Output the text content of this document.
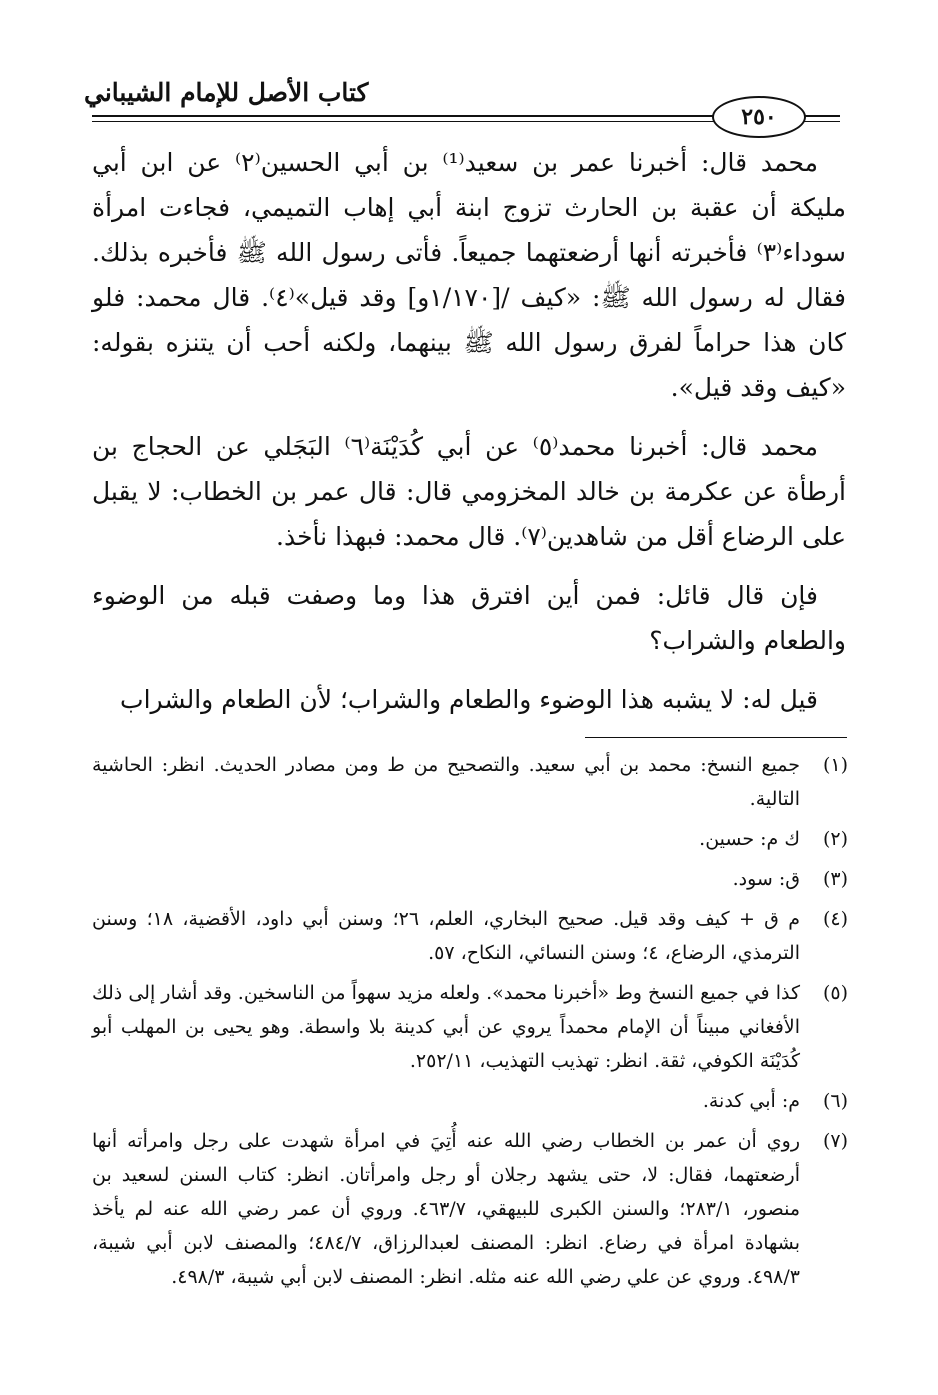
كتاب الأصل للإمام الشيباني
٢٥٠

محمد قال: أخبرنا عمر بن سعيد⁽¹⁾ بن أبي الحسين⁽٢⁾ عن ابن أبي مليكة أن عقبة بن الحارث تزوج ابنة أبي إهاب التميمي، فجاءت امرأة سوداء⁽٣⁾ فأخبرته أنها أرضعتهما جميعاً. فأتى رسول الله ﷺ فأخبره بذلك. فقال له رسول الله ﷺ: «كيف /[١/١٧٠و] وقد قيل»⁽٤⁾. قال محمد: فلو كان هذا حراماً لفرق رسول الله ﷺ بينهما، ولكنه أحب أن يتنزه بقوله: «كيف وقد قيل».

محمد قال: أخبرنا محمد⁽٥⁾ عن أبي كُدَيْنَة⁽٦⁾ البَجَلي عن الحجاج بن أرطأة عن عكرمة بن خالد المخزومي قال: قال عمر بن الخطاب: لا يقبل على الرضاع أقل من شاهدين⁽٧⁾. قال محمد: فبهذا نأخذ.

فإن قال قائل: فمن أين افترق هذا وما وصفت قبله من الوضوء والطعام والشراب؟

قيل له: لا يشبه هذا الوضوء والطعام والشراب؛ لأن الطعام والشراب

(١)
جميع النسخ: محمد بن أبي سعيد. والتصحيح من ط ومن مصادر الحديث. انظر: الحاشية التالية.
(٢)
ك م: حسين.
(٣)
ق: سود.
(٤)
م ق + كيف وقد قيل. صحيح البخاري، العلم، ٢٦؛ وسنن أبي داود، الأقضية، ١٨؛ وسنن الترمذي، الرضاع، ٤؛ وسنن النسائي، النكاح، ٥٧.
(٥)
كذا في جميع النسخ وط «أخبرنا محمد». ولعله مزيد سهواً من الناسخين. وقد أشار إلى ذلك الأفغاني مبيناً أن الإمام محمداً يروي عن أبي كدينة بلا واسطة. وهو يحيى بن المهلب أبو كُدَيْنَة الكوفي، ثقة. انظر: تهذيب التهذيب، ٢٥٢/١١.
(٦)
م: أبي كدنة.
(٧)
روي أن عمر بن الخطاب رضي الله عنه أُتِيَ في امرأة شهدت على رجل وامرأته أنها أرضعتهما، فقال: لا، حتى يشهد رجلان أو رجل وامرأتان. انظر: كتاب السنن لسعيد بن منصور، ٢٨٣/١؛ والسنن الكبرى للبيهقي، ٤٦٣/٧. وروي أن عمر رضي الله عنه لم يأخذ بشهادة امرأة في رضاع. انظر: المصنف لعبدالرزاق، ٤٨٤/٧؛ والمصنف لابن أبي شيبة، ٤٩٨/٣. وروي عن علي رضي الله عنه مثله. انظر: المصنف لابن أبي شيبة، ٤٩٨/٣.
